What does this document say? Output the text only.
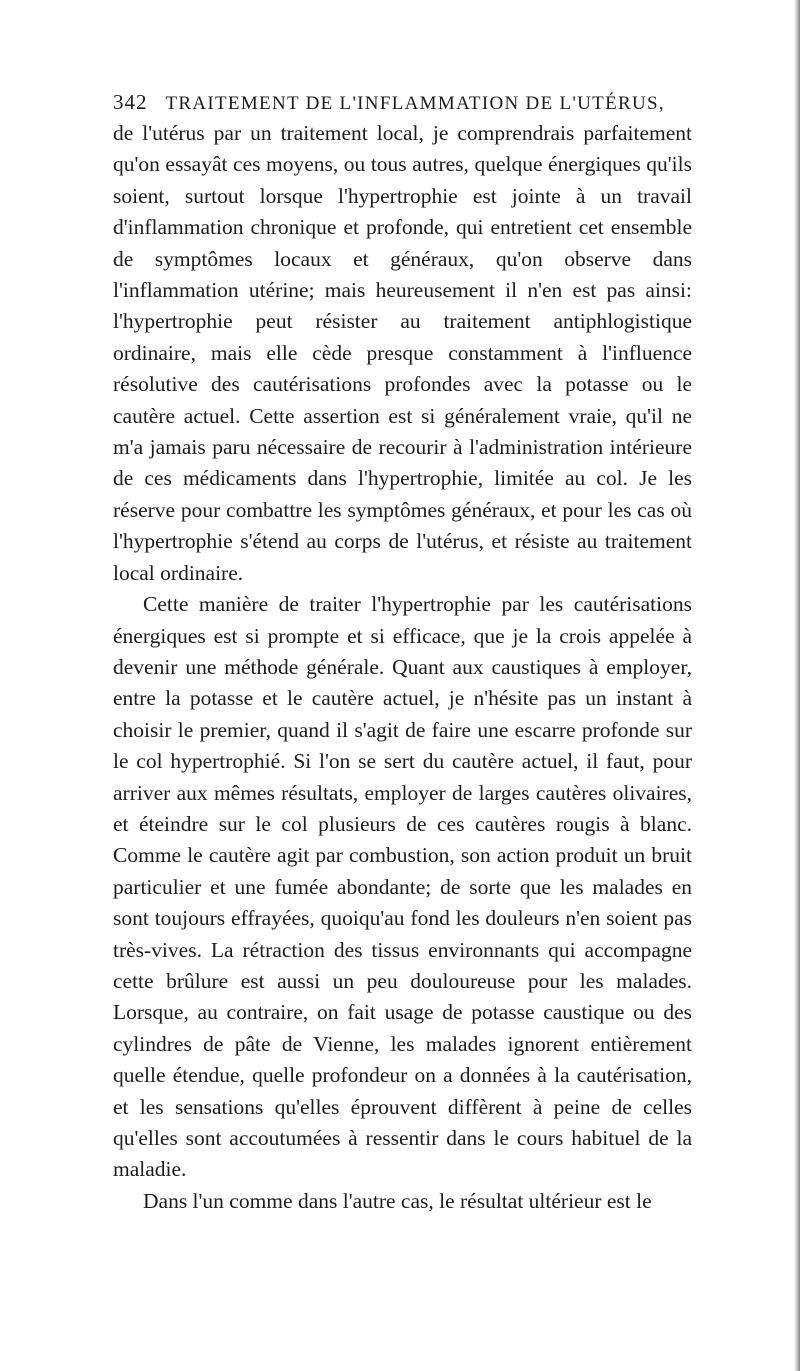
342 TRAITEMENT DE L'INFLAMMATION DE L'UTÉRUS,

de l'utérus par un traitement local, je comprendrais parfaitement qu'on essayât ces moyens, ou tous autres, quelque énergiques qu'ils soient, surtout lorsque l'hypertrophie est jointe à un travail d'inflammation chronique et profonde, qui entretient cet ensemble de symptômes locaux et généraux, qu'on observe dans l'inflammation utérine; mais heureusement il n'en est pas ainsi: l'hypertrophie peut résister au traitement antiphlogistique ordinaire, mais elle cède presque constamment à l'influence résolutive des cautérisations profondes avec la potasse ou le cautère actuel. Cette assertion est si généralement vraie, qu'il ne m'a jamais paru nécessaire de recourir à l'administration intérieure de ces médicaments dans l'hypertrophie, limitée au col. Je les réserve pour combattre les symptômes généraux, et pour les cas où l'hypertrophie s'étend au corps de l'utérus, et résiste au traitement local ordinaire.

Cette manière de traiter l'hypertrophie par les cautérisations énergiques est si prompte et si efficace, que je la crois appelée à devenir une méthode générale. Quant aux caustiques à employer, entre la potasse et le cautère actuel, je n'hésite pas un instant à choisir le premier, quand il s'agit de faire une escarre profonde sur le col hypertrophié. Si l'on se sert du cautère actuel, il faut, pour arriver aux mêmes résultats, employer de larges cautères olivaires, et éteindre sur le col plusieurs de ces cautères rougis à blanc. Comme le cautère agit par combustion, son action produit un bruit particulier et une fumée abondante; de sorte que les malades en sont toujours effrayées, quoiqu'au fond les douleurs n'en soient pas très-vives. La rétraction des tissus environnants qui accompagne cette brûlure est aussi un peu douloureuse pour les malades. Lorsque, au contraire, on fait usage de potasse caustique ou des cylindres de pâte de Vienne, les malades ignorent entièrement quelle étendue, quelle profondeur on a données à la cautérisation, et les sensations qu'elles éprouvent diffèrent à peine de celles qu'elles sont accoutumées à ressentir dans le cours habituel de la maladie.

Dans l'un comme dans l'autre cas, le résultat ultérieur est le
